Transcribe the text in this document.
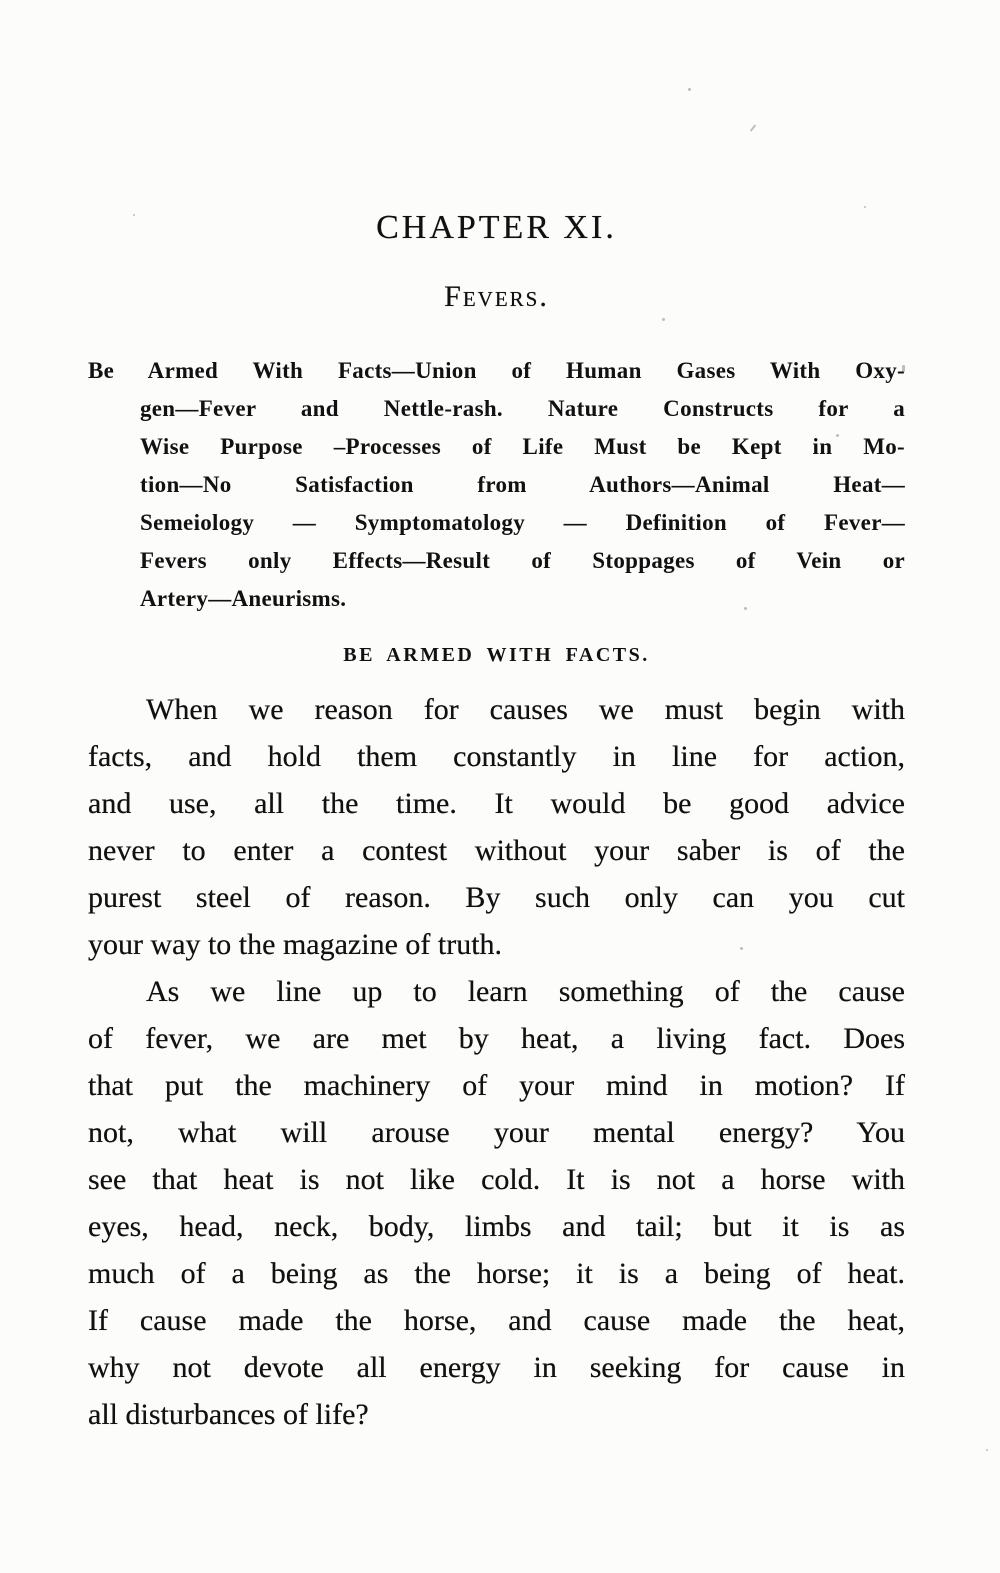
CHAPTER XI.
Fevers.
Be Armed With Facts—Union of Human Gases With Oxy-
gen—Fever and Nettle-rash. Nature Constructs for a
Wise Purpose –Processes of Life Must be Kept in Mo-
tion—No Satisfaction from Authors—Animal Heat—
Semeiology — Symptomatology — Definition of Fever—
Fevers only Effects—Result of Stoppages of Vein or
Artery—Aneurisms.
BE ARMED WITH FACTS.
When we reason for causes we must begin with
facts, and hold them constantly in line for action,
and use, all the time. It would be good advice
never to enter a contest without your saber is of the
purest steel of reason. By such only can you cut
your way to the magazine of truth.
As we line up to learn something of the cause
of fever, we are met by heat, a living fact. Does
that put the machinery of your mind in motion? If
not, what will arouse your mental energy? You
see that heat is not like cold. It is not a horse with
eyes, head, neck, body, limbs and tail; but it is as
much of a being as the horse; it is a being of heat.
If cause made the horse, and cause made the heat,
why not devote all energy in seeking for cause in
all disturbances of life?
